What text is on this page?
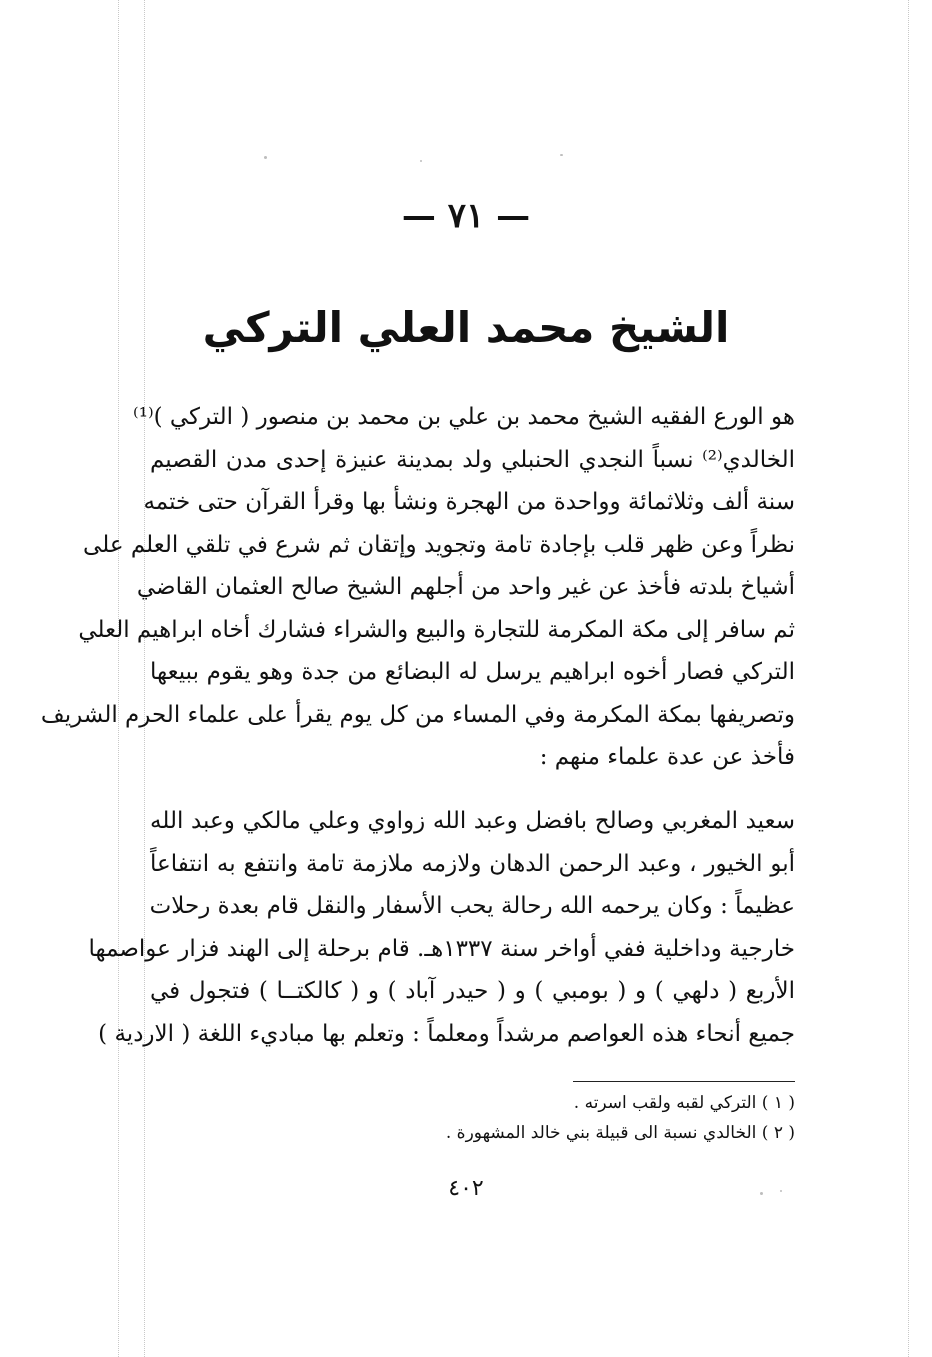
— ٧١ —
الشيخ محمد العلي التركي
هو الورع الفقيه الشيخ محمد بن علي بن محمد بن منصور ( التركي )⁽¹⁾
الخالدي⁽²⁾ نسباً النجدي الحنبلي ولد بمدينة عنيزة إحدى مدن القصيم
سنة ألف وثلاثمائة وواحدة من الهجرة ونشأ بها وقرأ القرآن حتى ختمه
نظراً وعن ظهر قلب بإجادة تامة وتجويد وإتقان ثم شرع في تلقي العلم على
أشياخ بلدته فأخذ عن غير واحد من أجلهم الشيخ صالح العثمان القاضي
ثم سافر إلى مكة المكرمة للتجارة والبيع والشراء فشارك أخاه ابراهيم العلي
التركي فصار أخوه ابراهيم يرسل له البضائع من جدة وهو يقوم ببيعها
وتصريفها بمكة المكرمة وفي المساء من كل يوم يقرأ على علماء الحرم الشريف
فأخذ عن عدة علماء منهم :
سعيد المغربي وصالح بافضل وعبد الله زواوي وعلي مالكي وعبد الله
أبو الخيور ، وعبد الرحمن الدهان ولازمه ملازمة تامة وانتفع به انتفاعاً
عظيماً : وكان يرحمه الله رحالة يحب الأسفار والنقل قام بعدة رحلات
خارجية وداخلية ففي أواخر سنة ١٣٣٧هـ. قام برحلة إلى الهند فزار عواصمها
الأربع ( دلهي ) و ( بومبي ) و ( حيدر آباد ) و ( كالكتــا ) فتجول في
جميع أنحاء هذه العواصم مرشداً ومعلماً : وتعلم بها مباديء اللغة ( الاردية )
( ١ ) التركي لقبه ولقب اسرته .
( ٢ ) الخالدي نسبة الى قبيلة بني خالد المشهورة .
٤٠٢
